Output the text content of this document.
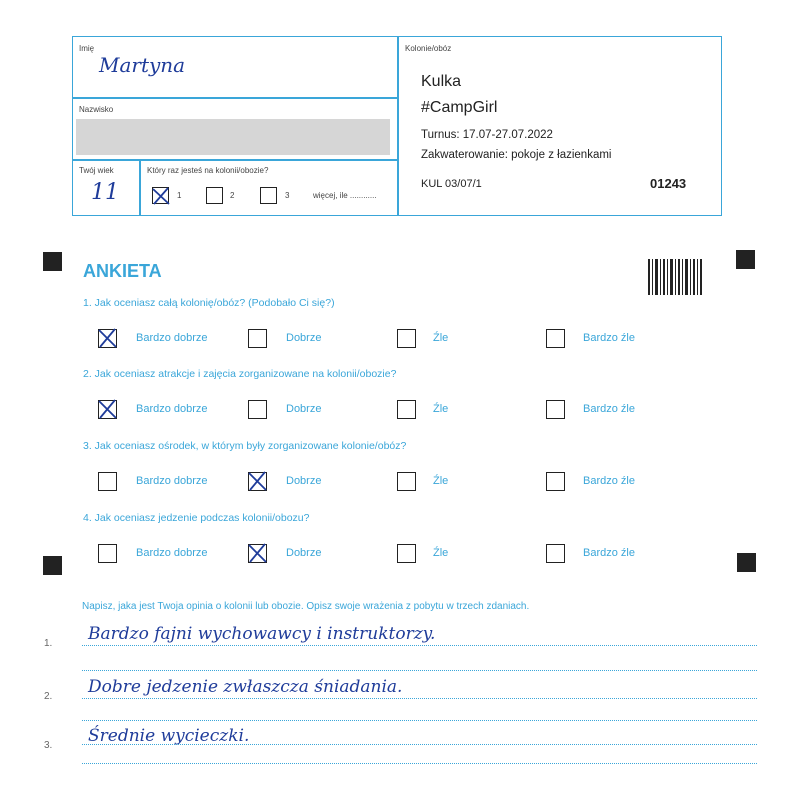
Imię
Martyna
Nazwisko
Twój wiek
11
Który raz jesteś na kolonii/obozie?
1	2	3	więcej, ile ............
Kolonie/obóz
Kulka
#CampGirl
Turnus: 17.07-27.07.2022
Zakwaterowanie: pokoje z łazienkami
KUL 03/07/1	01243
ANKIETA
1. Jak oceniasz całą kolonię/obóz? (Podobało Ci się?)
Bardzo dobrze	Dobrze	Źle	Bardzo źle
2. Jak oceniasz atrakcje i zajęcia zorganizowane na kolonii/obozie?
Bardzo dobrze	Dobrze	Źle	Bardzo źle
3. Jak oceniasz ośrodek, w którym były zorganizowane kolonie/obóz?
Bardzo dobrze	Dobrze	Źle	Bardzo źle
4. Jak oceniasz jedzenie podczas kolonii/obozu?
Bardzo dobrze	Dobrze	Źle	Bardzo źle
Napisz, jaka jest Twoja opinia o kolonii lub obozie. Opisz swoje wrażenia z pobytu w trzech zdaniach.
1. Bardzo fajni wychowawcy i instruktorzy.
2. Dobre jedzenie zwłaszcza śniadania.
3. Średnie wycieczki.
